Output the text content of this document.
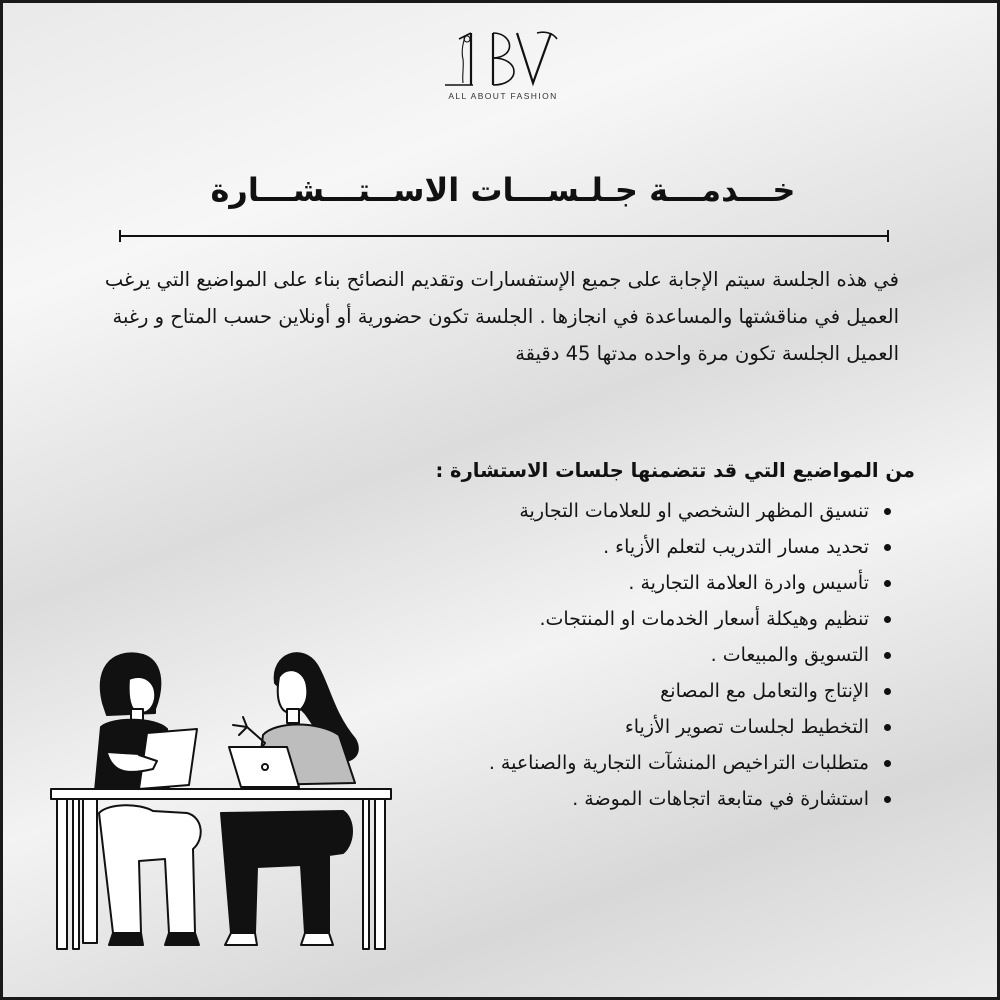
ALL ABOUT FASHION
خـــدمـــة جـلـســـات الاســتـــشـــارة
في هذه الجلسة سيتم الإجابة على جميع الإستفسارات وتقديم النصائح بناء على المواضيع التي يرغب العميل في مناقشتها والمساعدة في انجازها . الجلسة تكون حضورية أو أونلاين حسب المتاح و رغبة العميل الجلسة تكون مرة واحده مدتها 45 دقيقة
من المواضيع التي قد تتضمنها جلسات الاستشارة :
تنسيق المظهر الشخصي او للعلامات التجارية
تحديد مسار التدريب لتعلم الأزياء .
تأسيس وادرة العلامة التجارية .
تنظيم وهيكلة أسعار الخدمات او المنتجات.
التسويق والمبيعات .
الإنتاج والتعامل مع المصانع
التخطيط لجلسات تصوير الأزياء
متطلبات التراخيص المنشآت التجارية والصناعية .
استشارة في متابعة اتجاهات الموضة .
